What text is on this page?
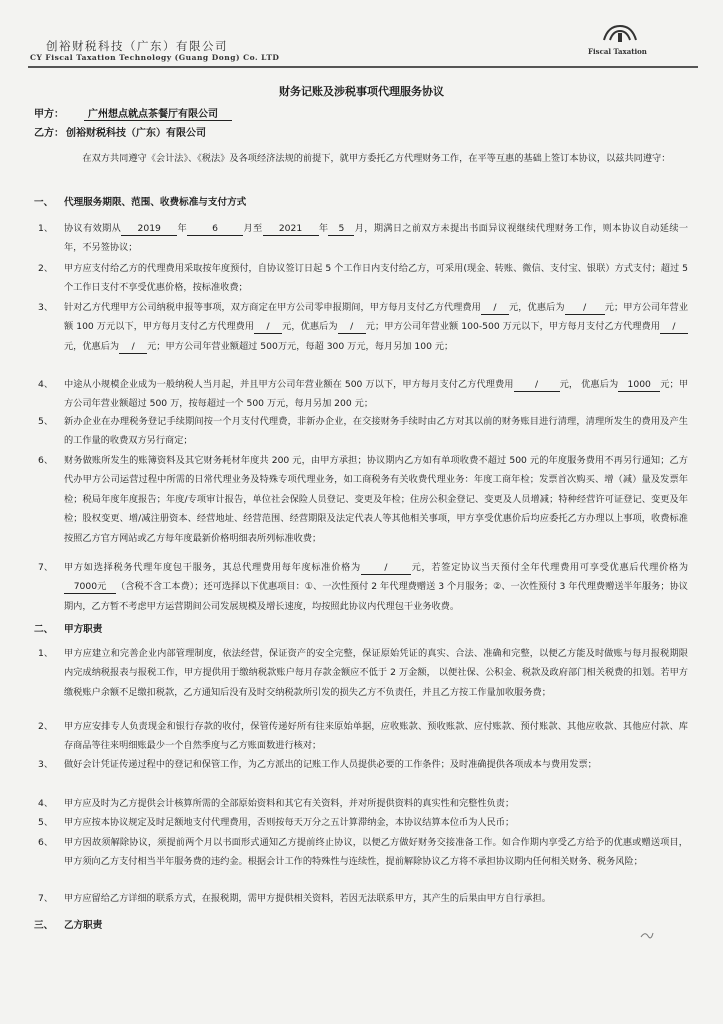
创裕财税科技（广东）有限公司
CY Fiscal Taxation Technology (Guang Dong) Co. LTD
Fiscal Taxation
财务记账及涉税事项代理服务协议
甲方： 广州想点就点茶餐厅有限公司
乙方： 创裕财税科技（广东）有限公司
在双方共同遵守《会计法》、《税法》及各项经济法规的前提下，就甲方委托乙方代理财务工作，在平等互惠的基础上签订本协议，以兹共同遵守：
一、 代理服务期限、范围、收费标准与支付方式
1、 协议有效期从 2019 年	6	月至 2021 年 5 月，期满日之前双方未提出书面异议视继续代理财务工作，则本协议自动延续一年，不另签协议；
2、 甲方应支付给乙方的代理费用采取按年度预付，自协议签订日起 5 个工作日内支付给乙方，可采用(现金、转账、微信、支付宝、银联）方式支付；超过 5 个工作日支付不享受优惠价格，按标准收费；
3、 针对乙方代理甲方公司纳税申报等事项，双方商定在甲方公司零申报期间，甲方每月支付乙方代理费用 / 元，优惠后为 / 元；甲方公司年营业额 100 万元以下，甲方每月支付乙方代理费用 / 元，优惠后为 / 元；甲方公司年营业额 100-500 万元以下，甲方每月支付乙方代理费用 /元，优惠后为 / 元；甲方公司年营业额超过 500万元，每超 300 万元，每月另加 100 元；
4、 中途从小规模企业成为一般纳税人当月起，并且甲方公司年营业额在 500 万以下，甲方每月支付乙方代理费用 / 元， 优惠后为 1000 元；甲方公司年营业额超过 500 万，按每超过一个 500 万元，每月另加 200 元；
5、 新办企业在办理税务登记手续期间按一个月支付代理费，非新办企业，在交接财务手续时由乙方对其以前的财务账目进行清理，清理所发生的费用及产生的工作量的收费双方另行商定；
6、 财务做账所发生的账簿资料及其它财务耗材年度共 200 元，由甲方承担；协议期内乙方如有单项收费不超过 500 元的年度服务费用不再另行通知；乙方代办甲方公司运营过程中所需的日常代理业务及特殊专项代理业务，如工商税务有关收费代理业务：年度工商年检；发票首次购买、增（减）量及发票年检；税局年度年度报告；年度/专项审计报告，单位社会保险人员登记、变更及年检；住房公积金登记、变更及人员增减；特种经营许可证登记、变更及年检；股权变更、增/减注册资本、经营地址、经营范围、经营期限及法定代表人等其他相关事项，甲方享受优惠价后均应委托乙方办理以上事项，收费标准按照乙方官方网站或乙方每年度最新价格明细表所列标准收费；
7、 甲方如选择税务代理年度包干服务，其总代理费用每年度标准价格为	/	元，若签定协议当天预付全年代理费用可享受优惠后代理价格为7000元 （含税不含工本费）；还可选择以下优惠项目：①、一次性预付 2 年代理费赠送 3 个月服务；②、一次性预付 3 年代理费赠送半年服务；协议期内，乙方暂不考虑甲方运营期间公司发展规模及增长速度，均按照此协议内代理包干业务收费。
二、 甲方职责
1、 甲方应建立和完善企业内部管理制度，依法经营，保证资产的安全完整，保证原始凭证的真实、合法、准确和完整，以便乙方能及时做账与每月报税期限内完成纳税报表与报税工作，甲方提供用于缴纳税款账户每月存款金额应不低于 2 万金额， 以便社保、公积金、税款及政府部门相关税费的扣划。若甲方缴税账户余额不足缴扣税款，乙方通知后没有及时交纳税款所引发的损失乙方不负责任，并且乙方按工作量加收服务费；
2、 甲方应安排专人负责现金和银行存款的收付，保管传递好所有往来原始单据，应收账款、预收账款、应付账款、预付账款、其他应收款、其他应付款、库存商品等往来明细账最少一个自然季度与乙方账面数进行核对；
3、 做好会计凭证传递过程中的登记和保管工作，为乙方派出的记账工作人员提供必要的工作条件；及时准确提供各项成本与费用发票；
4、 甲方应及时为乙方提供会计核算所需的全部原始资料和其它有关资料，并对所提供资料的真实性和完整性负责；
5、 甲方应按本协议规定及时足额地支付代理费用，否则按每天万分之五计算滞纳金，本协议结算本位币为人民币；
6、 甲方因故须解除协议，须提前两个月以书面形式通知乙方提前终止协议，以便乙方做好财务交接准备工作。如合作期内享受乙方给予的优惠或赠送项目，甲方须向乙方支付相当半年服务费的违约金。根据会计工作的特殊性与连续性，提前解除协议乙方将不承担协议期内任何相关财务、税务风险；
7、 甲方应留给乙方详细的联系方式，在报税期，需甲方提供相关资料，若因无法联系甲方，其产生的后果由甲方自行承担。
三、 乙方职责
